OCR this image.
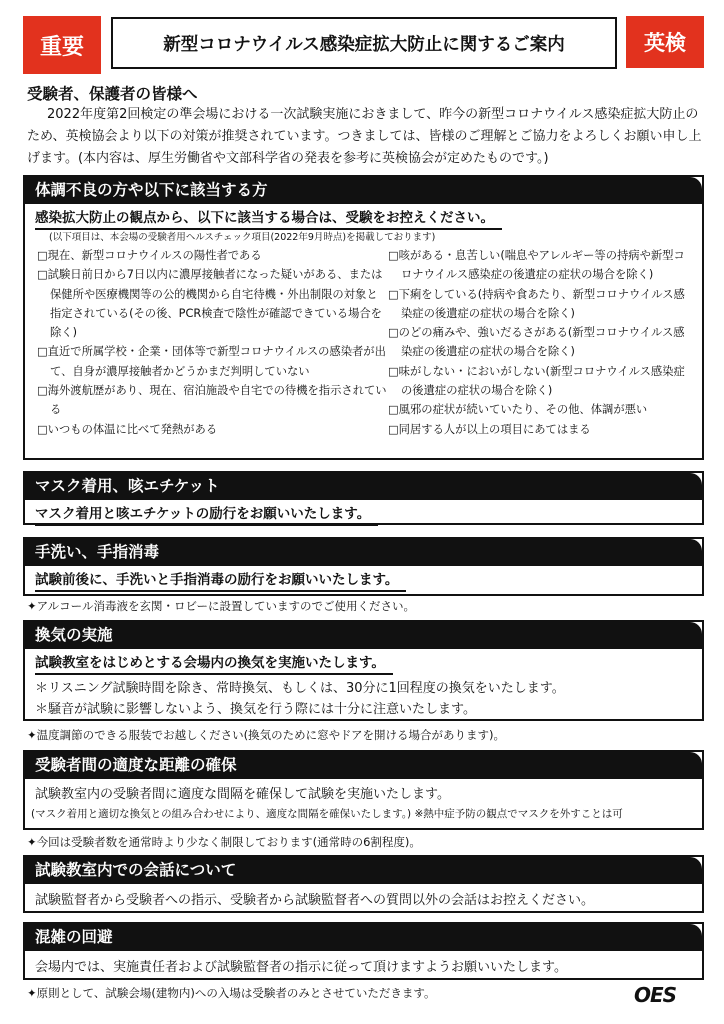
重要	新型コロナウイルス感染症拡大防止に関するご案内	英検
受験者、保護者の皆様へ
2022年度第2回検定の準会場における一次試験実施におきまして、昨今の新型コロナウイルス感染症拡大防止のため、英検協会より以下の対策が推奨されています。つきましては、皆様のご理解とご協力をよろしくお願い申し上げます。(本内容は、厚生労働省や文部科学省の発表を参考に英検協会が定めたものです。)
体調不良の方や以下に該当する方
感染拡大防止の観点から、以下に該当する場合は、受験をお控えください。
(以下項目は、本会場の受験者用ヘルスチェック項目(2022年9月時点)を掲載しております)
□現在、新型コロナウイルスの陽性者である
□試験日前日から7日以内に濃厚接触者になった疑いがある、または保健所や医療機関等の公的機関から自宅待機・外出制限の対象と指定されている(その後、PCR検査で陰性が確認できている場合を除く)
□直近で所属学校・企業・団体等で新型コロナウイルスの感染者が出て、自身が濃厚接触者かどうかまだ判明していない
□海外渡航歴があり、現在、宿泊施設や自宅での待機を指示されている
□いつもの体温に比べて発熱がある
□咳がある・息苦しい(喘息やアレルギー等の持病や新型コロナウイルス感染症の後遺症の症状の場合を除く)
□下痢をしている(持病や食あたり、新型コロナウイルス感染症の後遺症の症状の場合を除く)
□のどの痛みや、強いだるさがある(新型コロナウイルス感染症の後遺症の症状の場合を除く)
□味がしない・においがしない(新型コロナウイルス感染症の後遺症の症状の場合を除く)
□風邪の症状が続いていたり、その他、体調が悪い
□同居する人が以上の項目にあてはまる
マスク着用、咳エチケット
マスク着用と咳エチケットの励行をお願いいたします。
手洗い、手指消毒
試験前後に、手洗いと手指消毒の励行をお願いいたします。
✦アルコール消毒液を玄関・ロビーに設置していますのでご使用ください。
換気の実施
試験教室をはじめとする会場内の換気を実施いたします。
＊リスニング試験時間を除き、常時換気、もしくは、30分に1回程度の換気をいたします。
＊騒音が試験に影響しないよう、換気を行う際には十分に注意いたします。
✦温度調節のできる服装でお越しください(換気のために窓やドアを開ける場合があります)。
受験者間の適度な距離の確保
試験教室内の受験者間に適度な間隔を確保して試験を実施いたします。
(マスク着用と適切な換気との組み合わせにより、適度な間隔を確保いたします。) ※熱中症予防の観点でマスクを外すことは可
✦今回は受験者数を通常時より少なく制限しております(通常時の6割程度)。
試験教室内での会話について
試験監督者から受験者への指示、受験者から試験監督者への質問以外の会話はお控えください。
混雑の回避
会場内では、実施責任者および試験監督者の指示に従って頂けますようお願いいたします。
✦原則として、試験会場(建物内)への入場は受験者のみとさせていただきます。	OES
